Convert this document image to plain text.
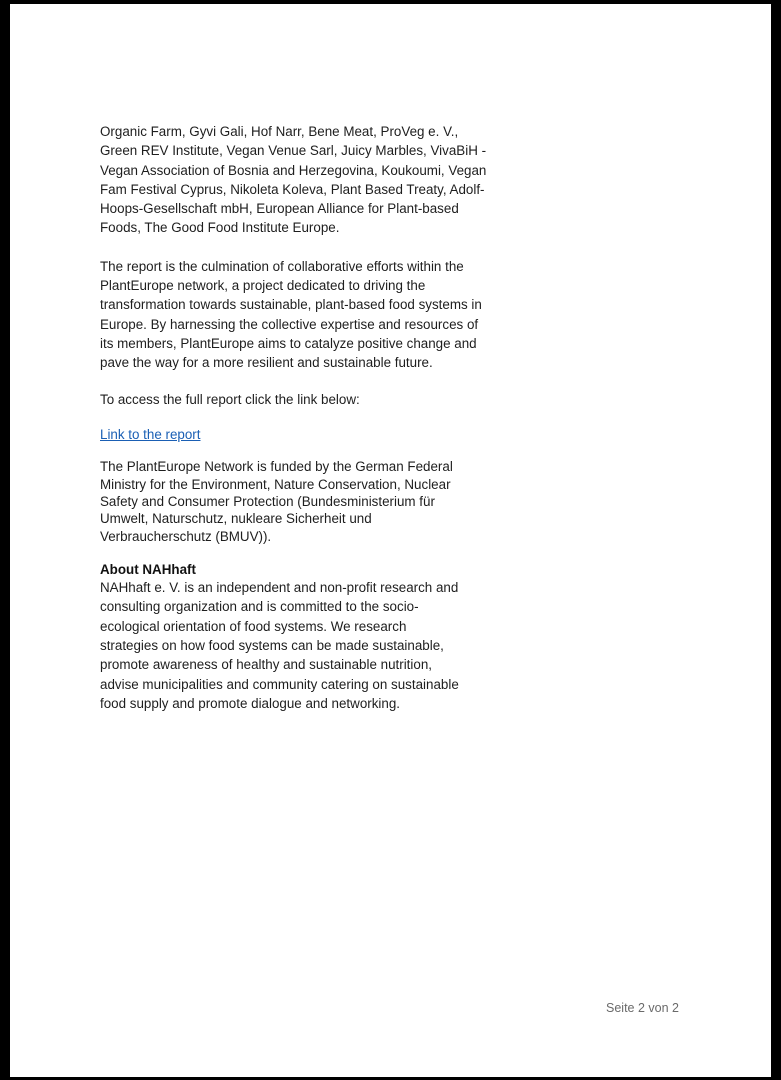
Organic Farm, Gyvi Gali, Hof Narr, Bene Meat, ProVeg e. V., Green REV Institute, Vegan Venue Sarl, Juicy Marbles, VivaBiH - Vegan Association of Bosnia and Herzegovina, Koukoumi, Vegan Fam Festival Cyprus, Nikoleta Koleva, Plant Based Treaty, Adolf-Hoops-Gesellschaft mbH, European Alliance for Plant-based Foods, The Good Food Institute Europe.

The report is the culmination of collaborative efforts within the PlantEurope network, a project dedicated to driving the transformation towards sustainable, plant-based food systems in Europe. By harnessing the collective expertise and resources of its members, PlantEurope aims to catalyze positive change and pave the way for a more resilient and sustainable future.

To access the full report click the link below:

Link to the report

The PlantEurope Network is funded by the German Federal Ministry for the Environment, Nature Conservation, Nuclear Safety and Consumer Protection (Bundesministerium für Umwelt, Naturschutz, nukleare Sicherheit und Verbraucherschutz (BMUV)).

About NAHhaft

NAHhaft e. V. is an independent and non-profit research and consulting organization and is committed to the socio-ecological orientation of food systems. We research strategies on how food systems can be made sustainable, promote awareness of healthy and sustainable nutrition, advise municipalities and community catering on sustainable food supply and promote dialogue and networking.

Seite 2 von 2
